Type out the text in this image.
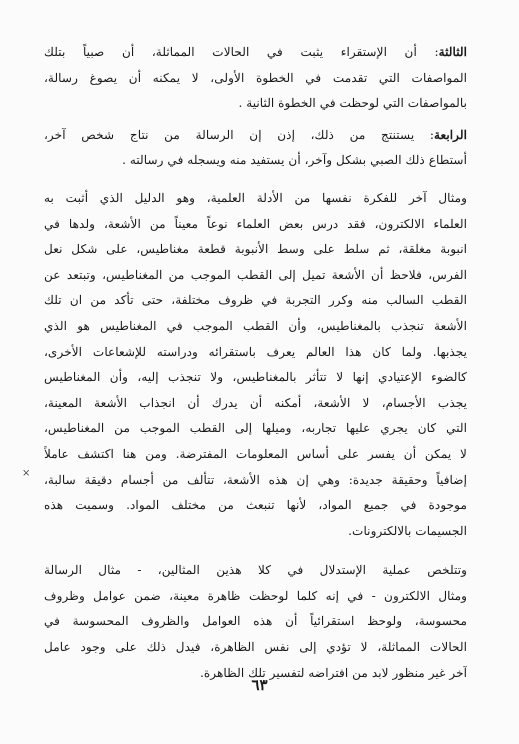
الثالثة: أن الإستقراء يثبت في الحالات المماثلة، أن صبياً بتلك
المواصفات التي تقدمت في الخطوة الأولى، لا يمكنه أن يصوغ رسالة،
بالمواصفات التي لوحظت في الخطوة الثانية .

الرابعة: يستنتج من ذلك، إذن إن الرسالة من نتاج شخص آخر،
أستطاع ذلك الصبي بشكل وآخر، أن يستفيد منه ويسجله في رسالته .

ومثال آخر للفكرة نفسها من الأدلة العلمية، وهو الدليل الذي أثبت به
العلماء الالكترون، فقد درس بعض العلماء نوعاً معيناً من الأشعة، ولدها في
انبوبة مغلقة، ثم سلط على وسط الأنبوبة قطعة مغناطيس، على شكل نعل
الفرس، فلاحظ أن الأشعة تميل إلى القطب الموجب من المغناطيس، وتبتعد عن
القطب السالب منه وكرر التجربة في ظروف مختلفة، حتى تأكد من ان تلك
الأشعة تنجذب بالمغناطيس، وأن القطب الموجب في المغناطيس هو الذي
يجذبها. ولما كان هذا العالم يعرف باستقرائه ودراسته للإشعاعات الأخرى،
كالضوء الإعتيادي إنها لا تتأثر بالمغناطيس، ولا تنجذب إليه، وأن المغناطيس
يجذب الأجسام، لا الأشعة، أمكنه أن يدرك أن انجذاب الأشعة المعينة،
التي كان يجري عليها تجاربه، وميلها إلى القطب الموجب من المغناطيس،
لا يمكن أن يفسر على أساس المعلومات المفترضة. ومن هنا اكتشف عاملاً
إضافياً وحقيقة جديدة: وهي إن هذه الأشعة، تتألف من أجسام دقيقة سالبة،
موجودة في جميع المواد، لأنها تنبعث من مختلف المواد. وسميت هذه
الجسيمات بالالكترونات.

وتتلخص عملية الإستدلال في كلا هذين المثالين، - مثال الرسالة
ومثال الالكترون - في إنه كلما لوحظت ظاهرة معينة، ضمن عوامل وظروف
محسوسة، ولوحظ استقرائياً أن هذه العوامل والظروف المحسوسة في
الحالات المماثلة، لا تؤدي إلى نفس الظاهرة، فيدل ذلك على وجود عامل
آخر غير منظور لابد من افتراضه لتفسير تلك الظاهرة.

٦٣
×
